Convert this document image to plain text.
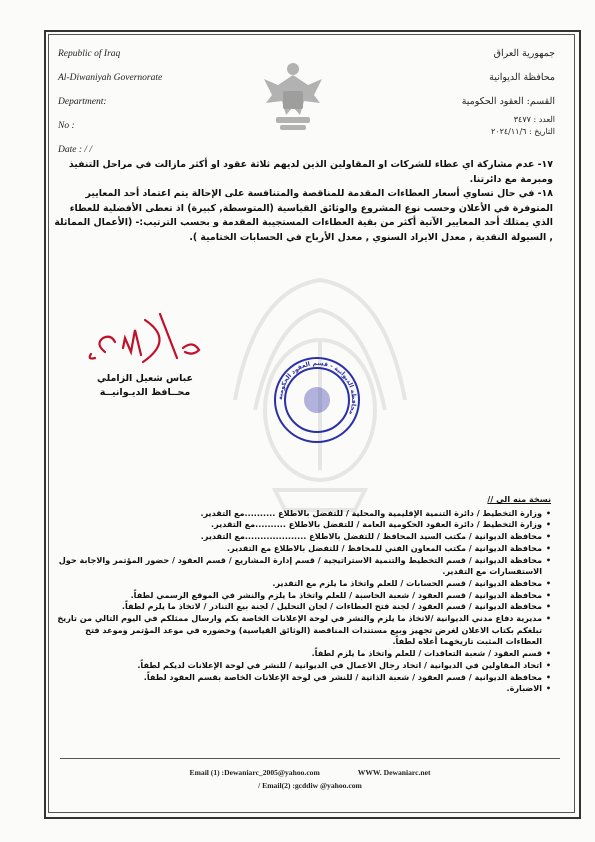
Republic of Iraq
Al-Diwaniyah Governorate
Department:
No :
Date : / /
جمهورية العراق
محافظة الديوانية
القسم: العقود الحكومية
العدد : ٣٤٧٧
التاريخ : ٢٠٢٤/١١/٦

١٧- عدم مشاركة اي عطاء للشركات او المقاولين الذين لديهم ثلاثة عقود او أكثر مازالت في مراحل التنفيذ ومبرمة مع دائرتنا.

١٨- في حال تساوي أسعار العطاءات المقدمة للمناقصة والمتنافسة على الإحالة يتم اعتماد أحد المعايير المتوفرة في الأعلان وحسب نوع المشروع والوثائق القياسية (المتوسطة, كبيرة) اذ تعطى الأفضلية للعطاء الذي يمتلك أحد المعايير الآتية أكثر من بقية العطاءات المستجيبة المقدمة و بحسب الترتيب:- (الأعمال المماثلة , السيولة النقدية , معدل الايراد السنوي , معدل الأرباح في الحسابات الختامية ).

عباس شعيل الزاملي
محــافظ الديـوانيــة
محافظة الديوانية - قسم العقود الحكومية
نسخة منه الى //
• وزارة التخطيط / دائرة التنمية الإقليمية والمحلية / للتفضل بالاطلاع ..........مع التقدير.
• وزارة التخطيط / دائرة العقود الحكومية العامة / للتفضل بالاطلاع ..........مع التقدير.
• محافظة الديوانية / مكتب السيد المحافظ / للتفضل بالاطلاع ....................مع التقدير.
• محافظة الديوانية / مكتب المعاون الفني للمحافظ / للتفضل بالاطلاع مع التقدير.
• محافظة الديوانية / قسم التخطيط والتنمية الاستراتيجية / قسم إدارة المشاريع / قسم العقود / حضور المؤتمر والاجابة حول الاستفسارات مع التقدير.
• محافظة الديوانية / قسم الحسابات / للعلم واتخاذ ما يلزم مع التقدير.
• محافظة الديوانية / قسم العقود / شعبة الحاسبة / للعلم واتخاذ ما يلزم والنشر في الموقع الرسمي لطفاً.
• محافظة الديوانية / قسم العقود / لجنة فتح العطاءات / لجان التحليل / لجنة بيع التنادر / لاتخاذ ما يلزم لطفاً.
• مديرية دفاع مدني الديوانية /لاتخاذ ما يلزم والنشر في لوحة الإعلانات الخاصة بكم وارسال ممثلكم في اليوم التالي من تاريخ تبلغكم بكتاب الاعلان لغرض تجهيز وبيع مستندات المناقصة (الوثائق القياسية) وحضوره في موعد المؤتمر وموعد فتح العطاءات المثبت تاريخهما أعلاه لطفاً.
• قسم العقود / شعبة التعاقدات / للعلم واتخاذ ما يلزم لطفاً.
• اتحاد المقاولين في الديوانية / اتحاد رجال الاعمال في الديوانية / للنشر في لوحة الإعلانات لديكم لطفاً.
• محافظة الديوانية / قسم العقود / شعبة الذاتية / للنشر في لوحة الإعلانات الخاصة بقسم العقود لطفاً.
• الاضبارة.
Email (1) :Dewaniarc_2005@yahoo.com	WWW. Dewaniarc.net
/ Email(2) :gcddiw @yahoo.com
